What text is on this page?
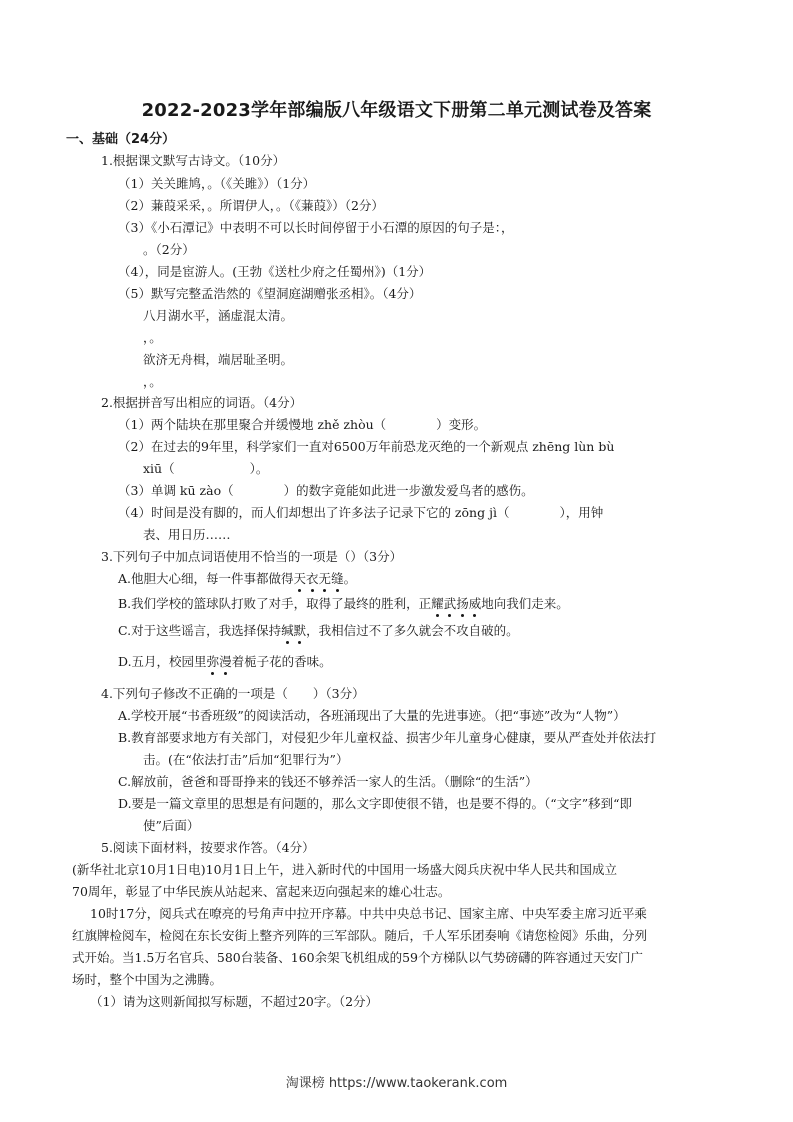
2022-2023学年部编版八年级语文下册第二单元测试卷及答案
一、基础（24分）
1.根据课文默写古诗文。（10分）
（1）关关雎鸠，。（《关雎》）（1分）
（2）蒹葭采采，。所谓伊人，。（《蒹葭》）（2分）
（3）《小石潭记》中表明不可以长时间停留于小石潭的原因的句子是：，
。（2分）
（4），同是宦游人。(王勃《送杜少府之任蜀州》)（1分）
（5）默写完整孟浩然的《望洞庭湖赠张丞相》。（4分）
八月湖水平，涵虚混太清。
，。
欲济无舟楫，端居耻圣明。
，。
2.根据拼音写出相应的词语。（4分）
（1）两个陆块在那里聚合并缓慢地 zhě zhòu（　　　　）变形。
（2）在过去的9年里，科学家们一直对6500万年前恐龙灭绝的一个新观点 zhēng lùn bù
xiū（　　　　　　）。
（3）单调 kū zào（　　　　）的数字竟能如此进一步激发爱鸟者的感伤。
（4）时间是没有脚的，而人们却想出了许多法子记录下它的 zōng jì（　　　　），用钟
表、用日历……
3.下列句子中加点词语使用不恰当的一项是（）（3分）
A.他胆大心细，每一件事都做得天衣无缝。
B.我们学校的篮球队打败了对手，取得了最终的胜利，正耀武扬威地向我们走来。
C.对于这些谣言，我选择保持缄默，我相信过不了多久就会不攻自破的。
D.五月，校园里弥漫着栀子花的香味。
4.下列句子修改不正确的一项是（　　）（3分）
A.学校开展“书香班级”的阅读活动，各班涌现出了大量的先进事迹。（把“事迹”改为“人物”）
B.教育部要求地方有关部门，对侵犯少年儿童权益、损害少年儿童身心健康，要从严查处并依法打
击。(在“依法打击”后加“犯罪行为”）
C.解放前，爸爸和哥哥挣来的钱还不够养活一家人的生活。（删除“的生活”）
D.要是一篇文章里的思想是有问题的，那么文字即使很不错，也是要不得的。（“文字”移到“即
使”后面）
5.阅读下面材料，按要求作答。（4分）
(新华社北京10月1日电)10月1日上午，进入新时代的中国用一场盛大阅兵庆祝中华人民共和国成立
70周年，彰显了中华民族从站起来、富起来迈向强起来的雄心壮志。
10时17分，阅兵式在嘹亮的号角声中拉开序幕。中共中央总书记、国家主席、中央军委主席习近平乘
红旗牌检阅车，检阅在东长安街上整齐列阵的三军部队。随后，千人军乐团奏响《请您检阅》乐曲，分列
式开始。当1.5万名官兵、580台装备、160余架飞机组成的59个方梯队以气势磅礴的阵容通过天安门广
场时，整个中国为之沸腾。
（1）请为这则新闻拟写标题，不超过20字。（2分）
淘课榜 https://www.taokerank.com
